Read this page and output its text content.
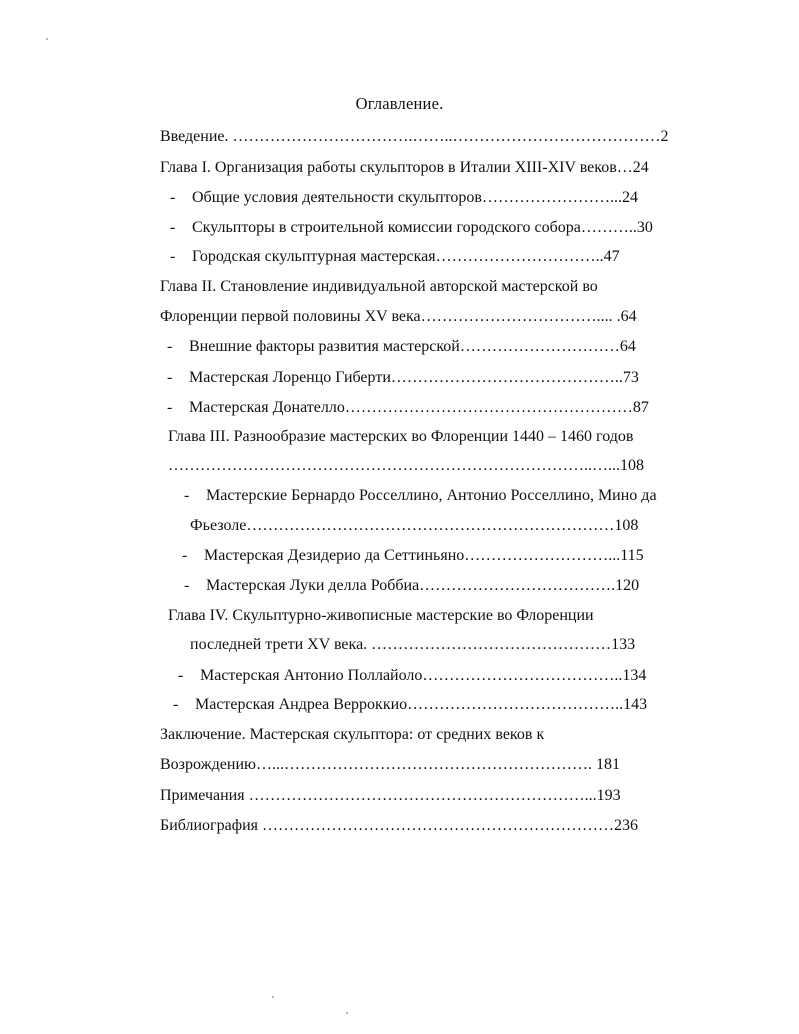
Оглавление.
Введение. …………………………….……..…………………………………2
Глава I. Организация работы скульпторов в Италии XIII-XIV веков…24
- Общие условия деятельности скульпторов……………………...24
- Скульпторы в строительной комиссии городского собора………..30
- Городская скульптурная мастерская…………………………..47
Глава II. Становление индивидуальной авторской мастерской во
Флоренции первой половины XV века…………………………….... .64
- Внешние факторы развития мастерской…………………………64
- Мастерская Лоренцо Гиберти……………………………………..73
- Мастерская Донателло………………………………………………87
Глава III. Разнообразие мастерских во Флоренции 1440 – 1460 годов
……………………………………………………………………..…...108
- Мастерские Бернардо Росселлино, Антонио Росселлино, Мино да
Фьезоле……………………………………………………………108
- Мастерская Дезидерио да Сеттиньяно………………………...115
- Мастерская Луки делла Роббиа……………………………….120
Глава IV. Скульптурно-живописные мастерские во Флоренции
последней трети XV века. ………………………………………133
- Мастерская Антонио Поллайоло………………………………..134
- Мастерская Андреа Верроккио…………………………………..143
Заключение. Мастерская скульптора: от средних веков к
Возрождению…...…………………………………………………. 181
Примечания ………………………………………………………...193
Библиография …………………………………………………………236
